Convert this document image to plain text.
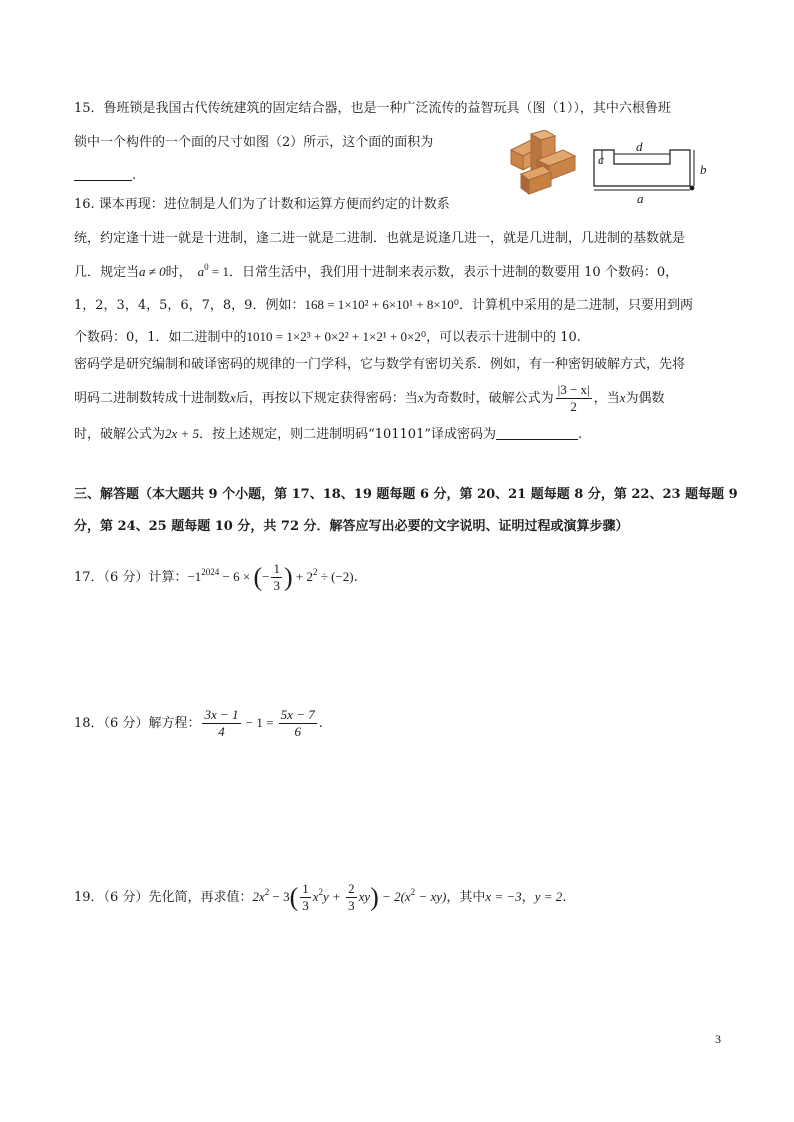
15．鲁班锁是我国古代传统建筑的固定结合器，也是一种广泛流传的益智玩具（图（1）），其中六根鲁班
锁中一个构件的一个面的尺寸如图（2）所示，这个面的面积为
.
d
c
b
a
16. 课本再现：进位制是人们为了计数和运算方便而约定的计数系
统，约定逢十进一就是十进制，逢二进一就是二进制．也就是说逢几进一，就是几进制，几进制的基数就是
几．规定当a ≠ 0时， $a^0 = 1$．日常生活中，我们用十进制来表示数，表示十进制的数要用 10 个数码：0，
1，2，3，4，5，6，7，8，9．例如：168 = 1×10² + 6×10¹ + 8×10⁰．计算机中采用的是二进制，只要用到两
个数码：0，1．如二进制中的1010 = 1×2³ + 0×2² + 1×2¹ + 0×2⁰，可以表示十进制中的 10.
密码学是研究编制和破译密码的规律的一门学科，它与数学有密切关系．例如，有一种密钥破解方式，先将
明码二进制数转成十进制数x后，再按以下规定获得密码：当x为奇数时，破解公式为 $\frac{|3 - x|}{2}$ ，当x为偶数
时，破解公式为2x + 5．按上述规定，则二进制明码“101101”译成密码为	.
三、解答题（本大题共 9 个小题，第 17、18、19 题每题 6 分，第 20、21 题每题 8 分，第 22、23 题每题 9
分，第 24、25 题每题 10 分，共 72 分．解答应写出必要的文字说明、证明过程或演算步骤）
17．（6 分）计算：$-1^{2024} - 6$ × (− $\frac{1}{3}$ ) + $2^2 \div (-2)$.
18．（6 分）解方程： $\frac{3x - 1}{4} - 1 = \frac{5x - 7}{6}$ .
19．（6 分）先化简，再求值：$2x^2 - 3( \frac{1}{3} x^2y + \frac{2}{3} xy) - 2(x^2 - xy)$，其中x = −3，y = 2.
3
